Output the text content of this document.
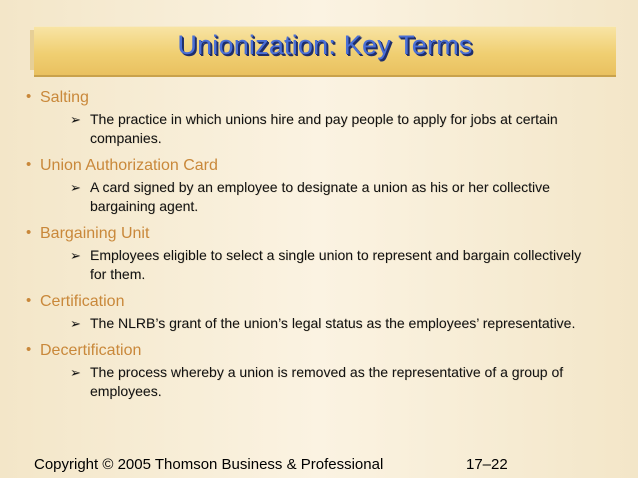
Unionization: Key Terms
• Salting
➢ The practice in which unions hire and pay people to apply for jobs at certain companies.
• Union Authorization Card
➢ A card signed by an employee to designate a union as his or her collective bargaining agent.
• Bargaining Unit
➢ Employees eligible to select a single union to represent and bargain collectively for them.
• Certification
➢ The NLRB’s grant of the union’s legal status as the employees’ representative.
• Decertification
➢ The process whereby a union is removed as the representative of a group of employees.
Copyright © 2005 Thomson Business & Professional	17–22
